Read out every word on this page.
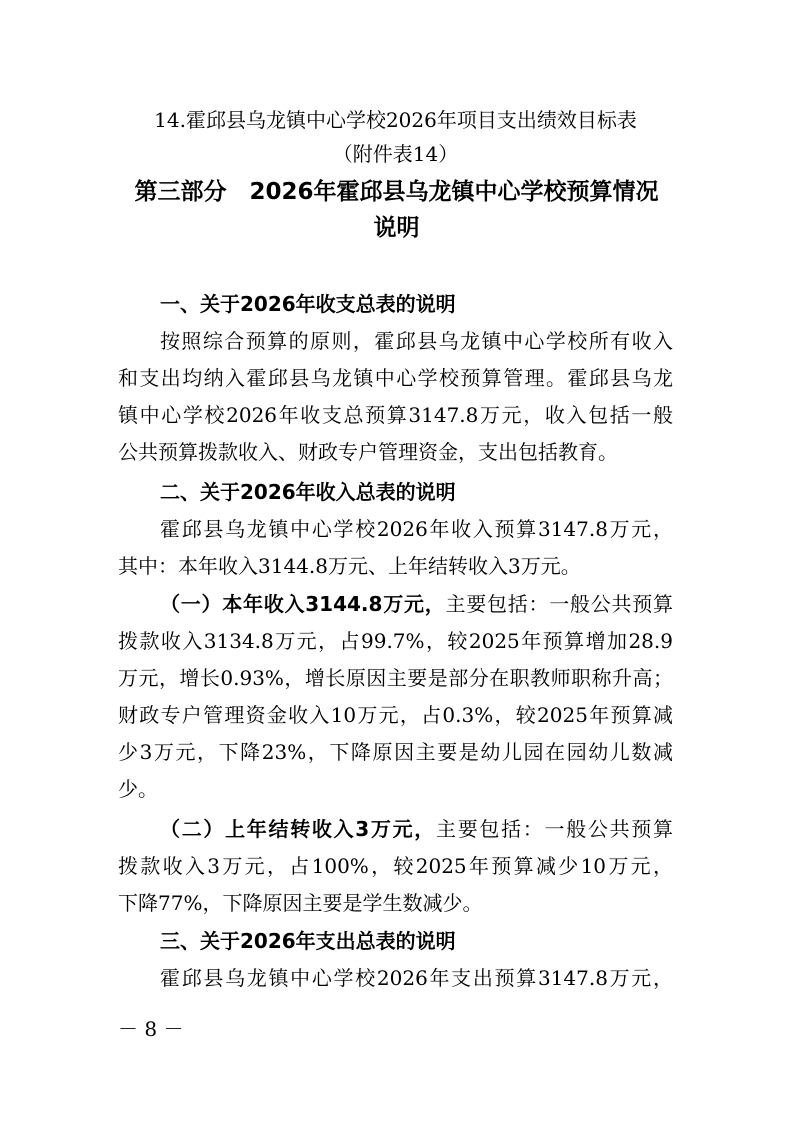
14.霍邱县乌龙镇中心学校2026年项目支出绩效目标表
（附件表14）
第三部分　2026年霍邱县乌龙镇中心学校预算情况
说明
一、关于2026年收支总表的说明
按照综合预算的原则，霍邱县乌龙镇中心学校所有收入
和支出均纳入霍邱县乌龙镇中心学校预算管理。霍邱县乌龙
镇中心学校2026年收支总预算3147.8万元，收入包括一般
公共预算拨款收入、财政专户管理资金，支出包括教育。
二、关于2026年收入总表的说明
霍邱县乌龙镇中心学校2026年收入预算3147.8万元，
其中：本年收入3144.8万元、上年结转收入3万元。
（一）本年收入3144.8万元，主要包括：一般公共预算
拨款收入3134.8万元，占99.7%，较2025年预算增加28.9
万元，增长0.93%，增长原因主要是部分在职教师职称升高；
财政专户管理资金收入10万元，占0.3%，较2025年预算减
少3万元，下降23%，下降原因主要是幼儿园在园幼儿数减
少。
（二）上年结转收入3万元，主要包括：一般公共预算
拨款收入3万元，占100%，较2025年预算减少10万元，
下降77%，下降原因主要是学生数减少。
三、关于2026年支出总表的说明
霍邱县乌龙镇中心学校2026年支出预算3147.8万元，
－ 8 －
